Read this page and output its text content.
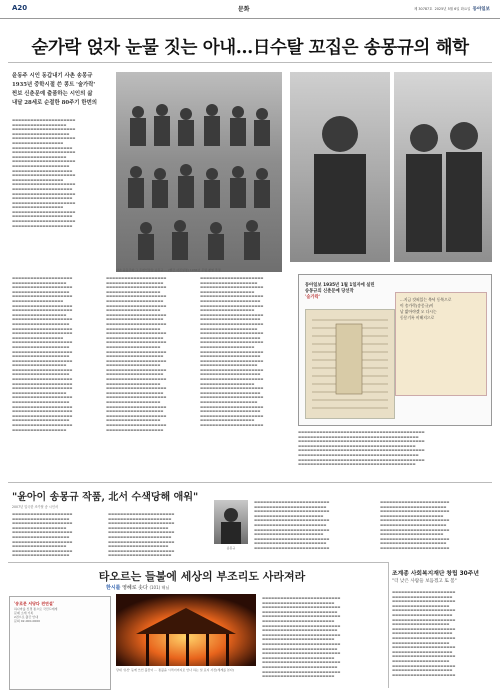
A20	문화	제 30787호 2025년 5월 6일 화요일 동아일보
숟가락 얹자 눈물 짓는 아내…日수탈 꼬집은 송몽규의 해학
윤동주 시인 동갑내기 사촌 송몽규
1935년 중학시절 쓴 콩트 '술가락'
찐보 신춘문예 출품하는 시인의 삶
내달 28세로 순절한 80주기 한번의
▬▬▬▬▬▬▬▬▬▬▬▬▬▬▬▬▬▬▬▬▬ ▬▬▬▬▬▬▬▬▬▬▬▬▬▬▬▬▬▬ ▬▬▬▬▬▬▬▬▬▬▬▬▬▬▬▬▬▬▬▬▬ ▬▬▬▬▬▬▬▬▬▬▬▬▬▬▬▬▬▬▬ ▬▬▬▬▬▬▬▬▬▬▬▬▬▬▬▬▬▬▬▬▬ ▬▬▬▬▬▬▬▬▬▬▬▬▬▬▬▬▬ ▬▬▬▬▬▬▬▬▬▬▬▬▬▬▬▬▬▬▬▬ ▬▬▬▬▬▬▬▬▬▬▬▬▬▬▬▬▬▬▬▬▬ ▬▬▬▬▬▬▬▬▬▬▬▬▬▬▬▬▬▬ ▬▬▬▬▬▬▬▬▬▬▬▬▬▬▬▬▬▬▬▬▬ ▬▬▬▬▬▬▬▬▬▬▬▬▬▬▬▬▬▬▬ ▬▬▬▬▬▬▬▬▬▬▬▬▬▬▬▬▬▬▬▬ ▬▬▬▬▬▬▬▬▬▬▬▬▬▬▬▬▬▬▬▬▬ ▬▬▬▬▬▬▬▬▬▬▬▬▬▬▬▬▬ ▬▬▬▬▬▬▬▬▬▬▬▬▬▬▬▬▬▬▬▬▬ ▬▬▬▬▬▬▬▬▬▬▬▬▬▬▬▬▬▬▬▬ ▬▬▬▬▬▬▬▬▬▬▬▬▬▬▬▬▬▬▬▬▬ ▬▬▬▬▬▬▬▬▬▬▬▬▬▬▬▬▬▬▬▬ ▬▬▬▬▬▬▬▬▬▬▬▬▬▬▬▬▬▬▬▬▬ ▬▬▬▬▬▬▬▬▬▬▬▬▬▬▬▬▬ ▬▬▬▬▬▬▬▬▬▬▬▬▬▬▬▬▬▬▬▬▬ ▬▬▬▬▬▬▬▬▬▬▬▬▬▬▬▬▬▬▬▬ ▬▬▬▬▬▬▬▬▬▬▬▬▬▬▬▬▬▬▬▬▬ ▬▬▬▬▬▬▬▬▬▬▬▬▬▬▬▬▬▬▬▬
사촌 윤동주와 그 주변인물들 송몽규 … (빨간 사진설명) 1936년 무렵 촬영 추정
▬▬▬▬▬▬▬▬▬▬▬▬▬▬▬▬▬▬▬▬ ▬▬▬▬▬▬▬▬▬▬▬▬▬▬▬▬▬▬ ▬▬▬▬▬▬▬▬▬▬▬▬▬▬▬▬▬▬▬▬ ▬▬▬▬▬▬▬▬▬▬▬▬▬▬▬▬▬▬▬ ▬▬▬▬▬▬▬▬▬▬▬▬▬▬▬▬▬▬▬▬ ▬▬▬▬▬▬▬▬▬▬▬▬▬▬▬▬▬ ▬▬▬▬▬▬▬▬▬▬▬▬▬▬▬▬▬▬▬▬ ▬▬▬▬▬▬▬▬▬▬▬▬▬▬▬▬▬▬▬▬ ▬▬▬▬▬▬▬▬▬▬▬▬▬▬▬▬▬▬ ▬▬▬▬▬▬▬▬▬▬▬▬▬▬▬▬▬▬▬▬ ▬▬▬▬▬▬▬▬▬▬▬▬▬▬▬▬▬▬▬ ▬▬▬▬▬▬▬▬▬▬▬▬▬▬▬▬▬▬▬▬ ▬▬▬▬▬▬▬▬▬▬▬▬▬▬▬▬▬▬▬▬ ▬▬▬▬▬▬▬▬▬▬▬▬▬▬▬▬▬ ▬▬▬▬▬▬▬▬▬▬▬▬▬▬▬▬▬▬▬▬ ▬▬▬▬▬▬▬▬▬▬▬▬▬▬▬▬▬▬▬ ▬▬▬▬▬▬▬▬▬▬▬▬▬▬▬▬▬▬▬▬ ▬▬▬▬▬▬▬▬▬▬▬▬▬▬▬▬▬▬▬ ▬▬▬▬▬▬▬▬▬▬▬▬▬▬▬▬▬▬▬▬ ▬▬▬▬▬▬▬▬▬▬▬▬▬▬▬▬▬▬ ▬▬▬▬▬▬▬▬▬▬▬▬▬▬▬▬▬▬▬▬ ▬▬▬▬▬▬▬▬▬▬▬▬▬▬▬▬▬▬▬ ▬▬▬▬▬▬▬▬▬▬▬▬▬▬▬▬▬▬▬▬ ▬▬▬▬▬▬▬▬▬▬▬▬▬▬▬▬▬▬▬▬ ▬▬▬▬▬▬▬▬▬▬▬▬▬▬▬▬▬▬▬▬ ▬▬▬▬▬▬▬▬▬▬▬▬▬▬▬▬▬▬ ▬▬▬▬▬▬▬▬▬▬▬▬▬▬▬▬▬▬▬▬ ▬▬▬▬▬▬▬▬▬▬▬▬▬▬▬▬▬▬▬ ▬▬▬▬▬▬▬▬▬▬▬▬▬▬▬▬▬▬▬▬ ▬▬▬▬▬▬▬▬▬▬▬▬▬▬▬▬▬▬▬▬ ▬▬▬▬▬▬▬▬▬▬▬▬▬▬▬▬▬▬▬▬ ▬▬▬▬▬▬▬▬▬▬▬▬▬▬▬▬▬▬▬ ▬▬▬▬▬▬▬▬▬▬▬▬▬▬▬▬▬▬▬▬ ▬▬▬▬▬▬▬▬▬▬▬▬▬▬▬▬▬▬
▬▬▬▬▬▬▬▬▬▬▬▬▬▬▬▬▬▬▬▬ ▬▬▬▬▬▬▬▬▬▬▬▬▬▬▬▬▬▬▬ ▬▬▬▬▬▬▬▬▬▬▬▬▬▬▬▬▬▬▬▬ ▬▬▬▬▬▬▬▬▬▬▬▬▬▬▬▬▬▬ ▬▬▬▬▬▬▬▬▬▬▬▬▬▬▬▬▬▬▬▬ ▬▬▬▬▬▬▬▬▬▬▬▬▬▬▬▬▬▬▬ ▬▬▬▬▬▬▬▬▬▬▬▬▬▬▬▬▬▬▬▬ ▬▬▬▬▬▬▬▬▬▬▬▬▬▬▬▬▬▬ ▬▬▬▬▬▬▬▬▬▬▬▬▬▬▬▬▬▬▬▬ ▬▬▬▬▬▬▬▬▬▬▬▬▬▬▬▬▬▬▬ ▬▬▬▬▬▬▬▬▬▬▬▬▬▬▬▬▬▬▬▬ ▬▬▬▬▬▬▬▬▬▬▬▬▬▬▬▬▬▬ ▬▬▬▬▬▬▬▬▬▬▬▬▬▬▬▬▬▬▬▬ ▬▬▬▬▬▬▬▬▬▬▬▬▬▬▬▬▬▬▬ ▬▬▬▬▬▬▬▬▬▬▬▬▬▬▬▬▬▬▬▬ ▬▬▬▬▬▬▬▬▬▬▬▬▬▬▬▬▬▬ ▬▬▬▬▬▬▬▬▬▬▬▬▬▬▬▬▬▬▬▬ ▬▬▬▬▬▬▬▬▬▬▬▬▬▬▬▬▬▬▬ ▬▬▬▬▬▬▬▬▬▬▬▬▬▬▬▬▬▬▬▬ ▬▬▬▬▬▬▬▬▬▬▬▬▬▬▬▬▬▬ ▬▬▬▬▬▬▬▬▬▬▬▬▬▬▬▬▬▬▬▬ ▬▬▬▬▬▬▬▬▬▬▬▬▬▬▬▬▬▬▬ ▬▬▬▬▬▬▬▬▬▬▬▬▬▬▬▬▬▬▬▬ ▬▬▬▬▬▬▬▬▬▬▬▬▬▬▬▬▬▬ ▬▬▬▬▬▬▬▬▬▬▬▬▬▬▬▬▬▬▬▬ ▬▬▬▬▬▬▬▬▬▬▬▬▬▬▬▬▬▬▬ ▬▬▬▬▬▬▬▬▬▬▬▬▬▬▬▬▬▬▬▬ ▬▬▬▬▬▬▬▬▬▬▬▬▬▬▬▬▬▬ ▬▬▬▬▬▬▬▬▬▬▬▬▬▬▬▬▬▬▬▬ ▬▬▬▬▬▬▬▬▬▬▬▬▬▬▬▬▬▬▬ ▬▬▬▬▬▬▬▬▬▬▬▬▬▬▬▬▬▬▬▬ ▬▬▬▬▬▬▬▬▬▬▬▬▬▬▬▬▬▬ ▬▬▬▬▬▬▬▬▬▬▬▬▬▬▬▬▬▬▬▬ ▬▬▬▬▬▬▬▬▬▬▬▬▬▬▬▬▬▬▬
▬▬▬▬▬▬▬▬▬▬▬▬▬▬▬▬▬▬▬▬▬ ▬▬▬▬▬▬▬▬▬▬▬▬▬▬▬▬▬▬▬ ▬▬▬▬▬▬▬▬▬▬▬▬▬▬▬▬▬▬▬▬▬ ▬▬▬▬▬▬▬▬▬▬▬▬▬▬▬▬▬▬ ▬▬▬▬▬▬▬▬▬▬▬▬▬▬▬▬▬▬▬▬▬ ▬▬▬▬▬▬▬▬▬▬▬▬▬▬▬▬▬▬▬▬ ▬▬▬▬▬▬▬▬▬▬▬▬▬▬▬▬▬▬▬▬▬ ▬▬▬▬▬▬▬▬▬▬▬▬▬▬▬▬▬▬ ▬▬▬▬▬▬▬▬▬▬▬▬▬▬▬▬▬▬▬▬▬ ▬▬▬▬▬▬▬▬▬▬▬▬▬▬▬▬▬▬▬▬ ▬▬▬▬▬▬▬▬▬▬▬▬▬▬▬▬▬▬▬▬▬ ▬▬▬▬▬▬▬▬▬▬▬▬▬▬▬▬▬▬▬ ▬▬▬▬▬▬▬▬▬▬▬▬▬▬▬▬▬▬▬▬▬ ▬▬▬▬▬▬▬▬▬▬▬▬▬▬▬▬▬▬▬▬ ▬▬▬▬▬▬▬▬▬▬▬▬▬▬▬▬▬▬▬▬▬ ▬▬▬▬▬▬▬▬▬▬▬▬▬▬▬▬▬▬ ▬▬▬▬▬▬▬▬▬▬▬▬▬▬▬▬▬▬▬▬▬ ▬▬▬▬▬▬▬▬▬▬▬▬▬▬▬▬▬▬▬▬ ▬▬▬▬▬▬▬▬▬▬▬▬▬▬▬▬▬▬▬▬▬ ▬▬▬▬▬▬▬▬▬▬▬▬▬▬▬▬▬▬▬ ▬▬▬▬▬▬▬▬▬▬▬▬▬▬▬▬▬▬▬▬▬ ▬▬▬▬▬▬▬▬▬▬▬▬▬▬▬▬▬▬▬▬ ▬▬▬▬▬▬▬▬▬▬▬▬▬▬▬▬▬▬▬▬▬ ▬▬▬▬▬▬▬▬▬▬▬▬▬▬▬▬▬▬ ▬▬▬▬▬▬▬▬▬▬▬▬▬▬▬▬▬▬▬▬▬ ▬▬▬▬▬▬▬▬▬▬▬▬▬▬▬▬▬▬▬▬ ▬▬▬▬▬▬▬▬▬▬▬▬▬▬▬▬▬▬▬▬▬ ▬▬▬▬▬▬▬▬▬▬▬▬▬▬▬▬▬▬▬ ▬▬▬▬▬▬▬▬▬▬▬▬▬▬▬▬▬▬▬▬▬ ▬▬▬▬▬▬▬▬▬▬▬▬▬▬▬▬▬▬▬▬ ▬▬▬▬▬▬▬▬▬▬▬▬▬▬▬▬▬▬▬▬▬ ▬▬▬▬▬▬▬▬▬▬▬▬▬▬▬▬▬▬ ▬▬▬▬▬▬▬▬▬▬▬▬▬▬▬▬▬▬▬▬▬
동아일보 1935년 1월 1일자에 실린
송몽규의 신춘문예 당선작
'숟가락'	…지금 갓혀있는 북녁 동북으로
이 송가락(송몽규)이
날 밟아야겠 오 다시는
동몽기록 비해지으로
▬▬▬▬▬▬▬▬▬▬▬▬▬▬▬▬▬▬▬▬▬▬▬▬▬▬▬▬▬▬▬▬▬▬▬▬▬▬▬▬▬▬ ▬▬▬▬▬▬▬▬▬▬▬▬▬▬▬▬▬▬▬▬▬▬▬▬▬▬▬▬▬▬▬▬▬▬▬▬▬▬▬▬ ▬▬▬▬▬▬▬▬▬▬▬▬▬▬▬▬▬▬▬▬▬▬▬▬▬▬▬▬▬▬▬▬▬▬▬▬▬▬▬▬▬▬ ▬▬▬▬▬▬▬▬▬▬▬▬▬▬▬▬▬▬▬▬▬▬▬▬▬▬▬▬▬▬▬▬▬▬▬▬▬▬▬ ▬▬▬▬▬▬▬▬▬▬▬▬▬▬▬▬▬▬▬▬▬▬▬▬▬▬▬▬▬▬▬▬▬▬▬▬▬▬▬▬▬▬ ▬▬▬▬▬▬▬▬▬▬▬▬▬▬▬▬▬▬▬▬▬▬▬▬▬▬▬▬▬▬▬▬▬▬▬▬▬▬▬▬ ▬▬▬▬▬▬▬▬▬▬▬▬▬▬▬▬▬▬▬▬▬▬▬▬▬▬▬▬▬▬▬▬▬▬▬▬▬▬▬▬▬▬ ▬▬▬▬▬▬▬▬▬▬▬▬▬▬▬▬▬▬▬▬▬▬▬▬▬▬▬▬▬▬▬▬▬▬▬▬▬▬▬
"윤아이 송몽규 작품, 北서 수색당해 애워"
2007년 입국한 조카딸 송 시인서
▬▬▬▬▬▬▬▬▬▬▬▬▬▬▬▬▬▬▬▬ ▬▬▬▬▬▬▬▬▬▬▬▬▬▬▬▬▬▬▬ ▬▬▬▬▬▬▬▬▬▬▬▬▬▬▬▬▬▬▬▬ ▬▬▬▬▬▬▬▬▬▬▬▬▬▬▬▬▬▬ ▬▬▬▬▬▬▬▬▬▬▬▬▬▬▬▬▬▬▬▬ ▬▬▬▬▬▬▬▬▬▬▬▬▬▬▬▬▬▬▬ ▬▬▬▬▬▬▬▬▬▬▬▬▬▬▬▬▬▬▬▬ ▬▬▬▬▬▬▬▬▬▬▬▬▬▬▬▬▬▬ ▬▬▬▬▬▬▬▬▬▬▬▬▬▬▬▬▬▬▬▬ ▬▬▬▬▬▬▬▬▬▬▬▬▬▬▬▬▬▬▬
▬▬▬▬▬▬▬▬▬▬▬▬▬▬▬▬▬▬▬▬▬▬ ▬▬▬▬▬▬▬▬▬▬▬▬▬▬▬▬▬▬▬▬▬ ▬▬▬▬▬▬▬▬▬▬▬▬▬▬▬▬▬▬▬▬▬▬ ▬▬▬▬▬▬▬▬▬▬▬▬▬▬▬▬▬▬▬▬ ▬▬▬▬▬▬▬▬▬▬▬▬▬▬▬▬▬▬▬▬▬▬ ▬▬▬▬▬▬▬▬▬▬▬▬▬▬▬▬▬▬▬▬▬ ▬▬▬▬▬▬▬▬▬▬▬▬▬▬▬▬▬▬▬▬▬▬ ▬▬▬▬▬▬▬▬▬▬▬▬▬▬▬▬▬▬▬▬ ▬▬▬▬▬▬▬▬▬▬▬▬▬▬▬▬▬▬▬▬▬▬ ▬▬▬▬▬▬▬▬▬▬▬▬▬▬▬▬▬▬▬▬▬
송몽규
▬▬▬▬▬▬▬▬▬▬▬▬▬▬▬▬▬▬▬▬▬▬▬▬▬ ▬▬▬▬▬▬▬▬▬▬▬▬▬▬▬▬▬▬▬▬▬▬▬▬ ▬▬▬▬▬▬▬▬▬▬▬▬▬▬▬▬▬▬▬▬▬▬▬▬▬ ▬▬▬▬▬▬▬▬▬▬▬▬▬▬▬▬▬▬▬▬▬▬▬ ▬▬▬▬▬▬▬▬▬▬▬▬▬▬▬▬▬▬▬▬▬▬▬▬▬ ▬▬▬▬▬▬▬▬▬▬▬▬▬▬▬▬▬▬▬▬▬▬▬▬ ▬▬▬▬▬▬▬▬▬▬▬▬▬▬▬▬▬▬▬▬▬▬▬▬▬ ▬▬▬▬▬▬▬▬▬▬▬▬▬▬▬▬▬▬▬▬▬▬▬ ▬▬▬▬▬▬▬▬▬▬▬▬▬▬▬▬▬▬▬▬▬▬▬▬▬ ▬▬▬▬▬▬▬▬▬▬▬▬▬▬▬▬▬▬▬▬▬▬▬▬ ▬▬▬▬▬▬▬▬▬▬▬▬▬▬▬▬▬▬▬▬▬▬▬▬▬
▬▬▬▬▬▬▬▬▬▬▬▬▬▬▬▬▬▬▬▬▬▬▬ ▬▬▬▬▬▬▬▬▬▬▬▬▬▬▬▬▬▬▬▬▬▬ ▬▬▬▬▬▬▬▬▬▬▬▬▬▬▬▬▬▬▬▬▬▬▬ ▬▬▬▬▬▬▬▬▬▬▬▬▬▬▬▬▬▬▬▬▬ ▬▬▬▬▬▬▬▬▬▬▬▬▬▬▬▬▬▬▬▬▬▬▬ ▬▬▬▬▬▬▬▬▬▬▬▬▬▬▬▬▬▬▬▬▬▬ ▬▬▬▬▬▬▬▬▬▬▬▬▬▬▬▬▬▬▬▬▬▬▬ ▬▬▬▬▬▬▬▬▬▬▬▬▬▬▬▬▬▬▬▬▬ ▬▬▬▬▬▬▬▬▬▬▬▬▬▬▬▬▬▬▬▬▬▬▬ ▬▬▬▬▬▬▬▬▬▬▬▬▬▬▬▬▬▬▬▬▬▬ ▬▬▬▬▬▬▬▬▬▬▬▬▬▬▬▬▬▬▬▬▬▬▬
타오르는 들불에 세상의 부조리도 사라져라
한시를 영혜로 솟다 (101) 해님
'송로문 서당다 전연설'
하나마를 신경 통으로 국민드에게
문제 소개 기록
2권으로 출간 안내
문의 02-000-0000
당대 '유산' 등에 쓰인 불꽃이 … 통불을 시적이미지로 안나 하는 일 표지 사진(세계를 본다)
▬▬▬▬▬▬▬▬▬▬▬▬▬▬▬▬▬▬▬▬▬▬▬▬▬▬ ▬▬▬▬▬▬▬▬▬▬▬▬▬▬▬▬▬▬▬▬▬▬▬▬ ▬▬▬▬▬▬▬▬▬▬▬▬▬▬▬▬▬▬▬▬▬▬▬▬▬▬ ▬▬▬▬▬▬▬▬▬▬▬▬▬▬▬▬▬▬▬▬▬▬▬▬▬ ▬▬▬▬▬▬▬▬▬▬▬▬▬▬▬▬▬▬▬▬▬▬▬▬▬▬ ▬▬▬▬▬▬▬▬▬▬▬▬▬▬▬▬▬▬▬▬▬▬▬▬ ▬▬▬▬▬▬▬▬▬▬▬▬▬▬▬▬▬▬▬▬▬▬▬▬▬▬ ▬▬▬▬▬▬▬▬▬▬▬▬▬▬▬▬▬▬▬▬▬▬▬▬▬ ▬▬▬▬▬▬▬▬▬▬▬▬▬▬▬▬▬▬▬▬▬▬▬▬▬▬ ▬▬▬▬▬▬▬▬▬▬▬▬▬▬▬▬▬▬▬▬▬▬▬▬ ▬▬▬▬▬▬▬▬▬▬▬▬▬▬▬▬▬▬▬▬▬▬▬▬▬▬ ▬▬▬▬▬▬▬▬▬▬▬▬▬▬▬▬▬▬▬▬▬▬▬▬▬ ▬▬▬▬▬▬▬▬▬▬▬▬▬▬▬▬▬▬▬▬▬▬▬▬▬▬ ▬▬▬▬▬▬▬▬▬▬▬▬▬▬▬▬▬▬▬▬▬▬▬▬ ▬▬▬▬▬▬▬▬▬▬▬▬▬▬▬▬▬▬▬▬▬▬▬▬▬▬ ▬▬▬▬▬▬▬▬▬▬▬▬▬▬▬▬▬▬▬▬▬▬▬▬▬ ▬▬▬▬▬▬▬▬▬▬▬▬▬▬▬▬▬▬▬▬▬▬▬▬▬▬ ▬▬▬▬▬▬▬▬▬▬▬▬▬▬▬▬▬▬▬▬▬▬▬▬
조계종 사회복지재단 창립 30주년
"더 낮은 사람들 보듬겠고 또 봄"
▬▬▬▬▬▬▬▬▬▬▬▬▬▬▬▬▬▬▬▬▬ ▬▬▬▬▬▬▬▬▬▬▬▬▬▬▬▬▬▬▬▬ ▬▬▬▬▬▬▬▬▬▬▬▬▬▬▬▬▬▬▬▬▬ ▬▬▬▬▬▬▬▬▬▬▬▬▬▬▬▬▬▬▬ ▬▬▬▬▬▬▬▬▬▬▬▬▬▬▬▬▬▬▬▬▬ ▬▬▬▬▬▬▬▬▬▬▬▬▬▬▬▬▬▬▬▬ ▬▬▬▬▬▬▬▬▬▬▬▬▬▬▬▬▬▬▬▬▬ ▬▬▬▬▬▬▬▬▬▬▬▬▬▬▬▬▬▬▬ ▬▬▬▬▬▬▬▬▬▬▬▬▬▬▬▬▬▬▬▬▬ ▬▬▬▬▬▬▬▬▬▬▬▬▬▬▬▬▬▬▬▬ ▬▬▬▬▬▬▬▬▬▬▬▬▬▬▬▬▬▬▬▬▬ ▬▬▬▬▬▬▬▬▬▬▬▬▬▬▬▬▬▬▬ ▬▬▬▬▬▬▬▬▬▬▬▬▬▬▬▬▬▬▬▬▬ ▬▬▬▬▬▬▬▬▬▬▬▬▬▬▬▬▬▬▬▬ ▬▬▬▬▬▬▬▬▬▬▬▬▬▬▬▬▬▬▬▬▬ ▬▬▬▬▬▬▬▬▬▬▬▬▬▬▬▬▬▬▬ ▬▬▬▬▬▬▬▬▬▬▬▬▬▬▬▬▬▬▬▬▬ ▬▬▬▬▬▬▬▬▬▬▬▬▬▬▬▬▬▬▬▬ ▬▬▬▬▬▬▬▬▬▬▬▬▬▬▬▬▬▬▬▬▬
